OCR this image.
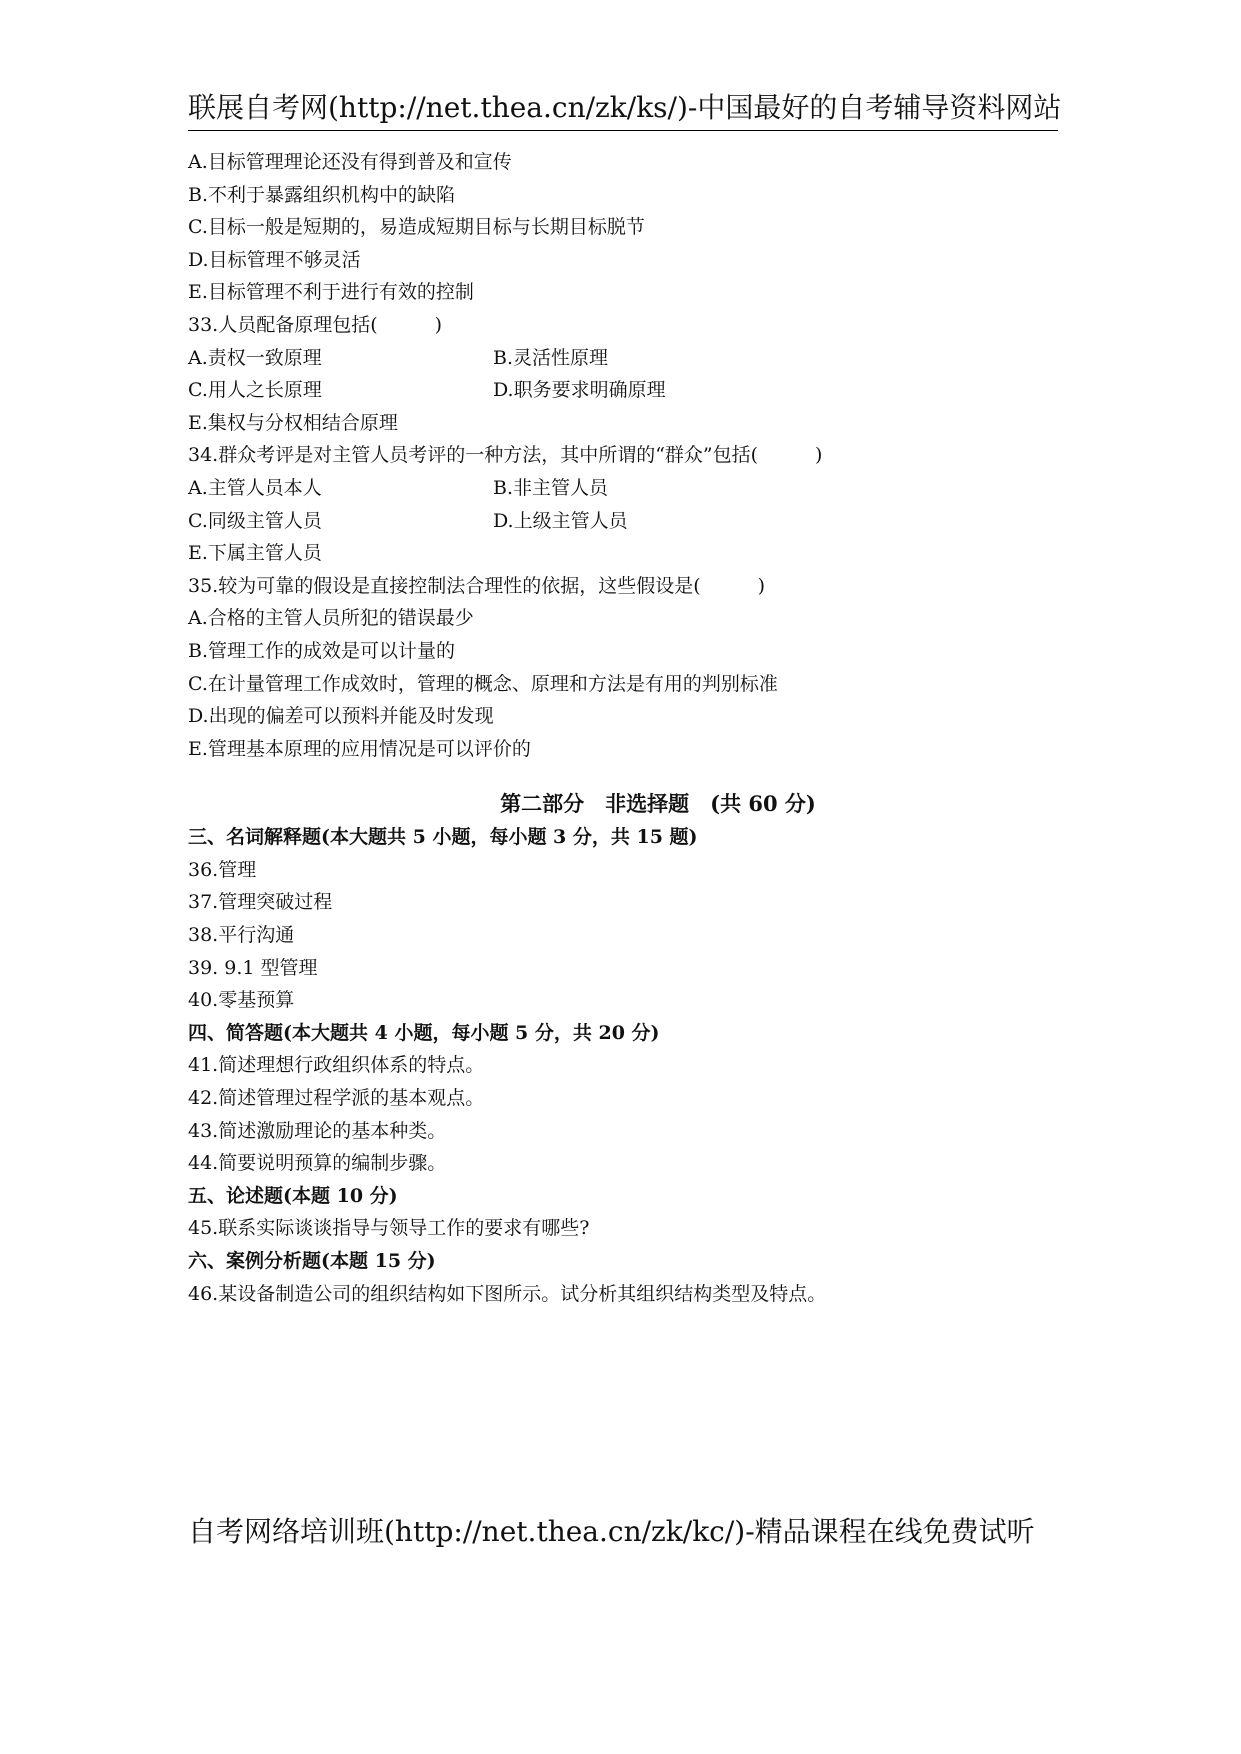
联展自考网(http://net.thea.cn/zk/ks/)-中国最好的自考辅导资料网站
A.目标管理理论还没有得到普及和宣传
B.不利于暴露组织机构中的缺陷
C.目标一般是短期的，易造成短期目标与长期目标脱节
D.目标管理不够灵活
E.目标管理不利于进行有效的控制
33.人员配备原理包括(　　　)
A.责权一致原理	B.灵活性原理
C.用人之长原理	D.职务要求明确原理
E.集权与分权相结合原理
34.群众考评是对主管人员考评的一种方法，其中所谓的“群众”包括(　　　)
A.主管人员本人	B.非主管人员
C.同级主管人员	D.上级主管人员
E.下属主管人员
35.较为可靠的假设是直接控制法合理性的依据，这些假设是(　　　)
A.合格的主管人员所犯的错误最少
B.管理工作的成效是可以计量的
C.在计量管理工作成效时，管理的概念、原理和方法是有用的判别标准
D.出现的偏差可以预料并能及时发现
E.管理基本原理的应用情况是可以评价的
第二部分　非选择题　(共 60 分)
三、名词解释题(本大题共 5 小题，每小题 3 分，共 15 题)
36.管理
37.管理突破过程
38.平行沟通
39. 9.1 型管理
40.零基预算
四、简答题(本大题共 4 小题，每小题 5 分，共 20 分)
41.简述理想行政组织体系的特点。
42.简述管理过程学派的基本观点。
43.简述激励理论的基本种类。
44.简要说明预算的编制步骤。
五、论述题(本题 10 分)
45.联系实际谈谈指导与领导工作的要求有哪些?
六、案例分析题(本题 15 分)
46.某设备制造公司的组织结构如下图所示。试分析其组织结构类型及特点。
自考网络培训班(http://net.thea.cn/zk/kc/)-精品课程在线免费试听
